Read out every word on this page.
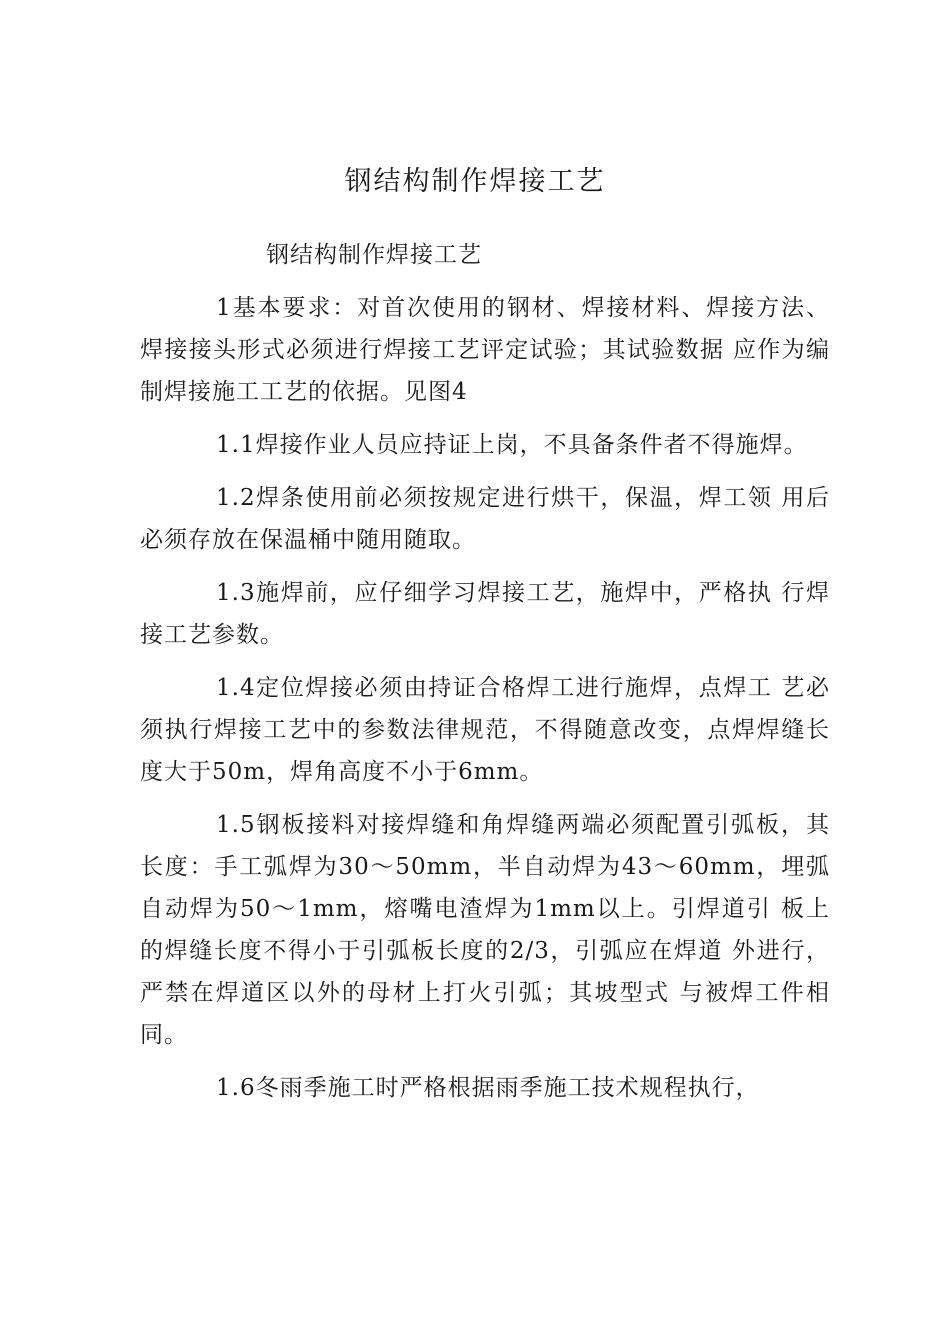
钢结构制作焊接工艺

钢结构制作焊接工艺

1基本要求：对首次使用的钢材、焊接材料、焊接方法、焊接接头形式必须进行焊接工艺评定试验；其试验数据 应作为编制焊接施工工艺的依据。见图4

1.1焊接作业人员应持证上岗，不具备条件者不得施焊。

1.2焊条使用前必须按规定进行烘干，保温，焊工领 用后必须存放在保温桶中随用随取。

1.3施焊前，应仔细学习焊接工艺，施焊中，严格执 行焊接工艺参数。

1.4定位焊接必须由持证合格焊工进行施焊，点焊工 艺必须执行焊接工艺中的参数法律规范，不得随意改变，点焊焊缝长度大于50m，焊角高度不小于6mm。

1.5钢板接料对接焊缝和角焊缝两端必须配置引弧板，其长度：手工弧焊为30〜50mm，半自动焊为43〜60mm，埋弧 自动焊为50〜1mm，熔嘴电渣焊为1mm以上。引焊道引 板上的焊缝长度不得小于引弧板长度的2/3，引弧应在焊道 外进行，严禁在焊道区以外的母材上打火引弧；其坡型式 与被焊工件相同。

1.6冬雨季施工时严格根据雨季施工技术规程执行，
